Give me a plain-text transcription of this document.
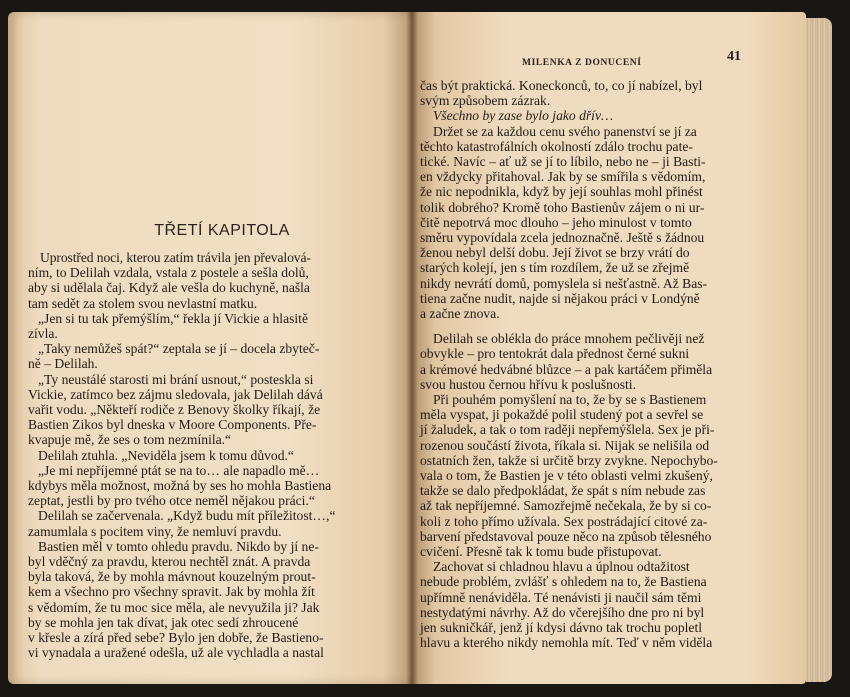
TŘETÍ KAPITOLA
Uprostřed noci, kterou zatím trávila jen převalová-
ním, to Delilah vzdala, vstala z postele a sešla dolů,
aby si udělala čaj. Když ale vešla do kuchyně, našla
tam sedět za stolem svou nevlastní matku.
„Jen si tu tak přemýšlím,“ řekla jí Vickie a hlasitě
zívla.
„Taky nemůžeš spát?“ zeptala se jí – docela zbyteč-
ně – Delilah.
„Ty neustálé starosti mi brání usnout,“ posteskla si
Vickie, zatímco bez zájmu sledovala, jak Delilah dává
vařit vodu. „Někteří rodiče z Benovy školky říkají, že
Bastien Zikos byl dneska v Moore Components. Pře-
kvapuje mě, že ses o tom nezmínila.“
Delilah ztuhla. „Neviděla jsem k tomu důvod.“
„Je mi nepříjemné ptát se na to… ale napadlo mě…
kdybys měla možnost, možná by ses ho mohla Bastiena
zeptat, jestli by pro tvého otce neměl nějakou práci.“
Delilah se začervenala. „Když budu mít příležitost…,“
zamumlala s pocitem viny, že nemluví pravdu.
Bastien měl v tomto ohledu pravdu. Nikdo by jí ne-
byl vděčný za pravdu, kterou nechtěl znát. A pravda
byla taková, že by mohla mávnout kouzelným prout-
kem a všechno pro všechny spravit. Jak by mohla žít
s vědomím, že tu moc sice měla, ale nevyužila ji? Jak
by se mohla jen tak dívat, jak otec sedí zhroucené
v křesle a zírá před sebe? Bylo jen dobře, že Bastieno-
vi vynadala a uražené odešla, už ale vychladla a nastal
MILENKA Z DONUCENÍ	41
čas být praktická. Koneckonců, to, co jí nabízel, byl
svým způsobem zázrak.
Všechno by zase bylo jako dřív…
Držet se za každou cenu svého panenství se jí za
těchto katastrofálních okolností zdálo trochu pate-
tické. Navíc – ať už se jí to líbilo, nebo ne – ji Basti-
en vždycky přitahoval. Jak by se smířila s vědomím,
že nic nepodnikla, když by její souhlas mohl přinést
tolik dobrého? Kromě toho Bastienův zájem o ni ur-
čitě nepotrvá moc dlouho – jeho minulost v tomto
směru vypovídala zcela jednoznačně. Ještě s žádnou
ženou nebyl delší dobu. Její život se brzy vrátí do
starých kolejí, jen s tím rozdílem, že už se zřejmě
nikdy nevrátí domů, pomyslela si nešťastně. Až Bas-
tiena začne nudit, najde si nějakou práci v Londýně
a začne znova.
Delilah se oblékla do práce mnohem pečlivěji než
obvykle – pro tentokrát dala přednost černé sukni
a krémové hedvábné blůzce – a pak kartáčem přiměla
svou hustou černou hřívu k poslušnosti.
Při pouhém pomyšlení na to, že by se s Bastienem
měla vyspat, ji pokaždé polil studený pot a sevřel se
jí žaludek, a tak o tom raději nepřemýšlela. Sex je při-
rozenou součástí života, říkala si. Nijak se nelišila od
ostatních žen, takže si určitě brzy zvykne. Nepochybo-
vala o tom, že Bastien je v této oblasti velmi zkušený,
takže se dalo předpokládat, že spát s ním nebude zas
až tak nepříjemné. Samozřejmě nečekala, že by si co-
koli z toho přímo užívala. Sex postrádající citové za-
barvení představoval pouze něco na způsob tělesného
cvičení. Přesně tak k tomu bude přistupovat.
Zachovat si chladnou hlavu a úplnou odtažitost
nebude problém, zvlášť s ohledem na to, že Bastiena
upřímně nenáviděla. Té nenávisti ji naučil sám těmi
nestydatými návrhy. Až do včerejšího dne pro ni byl
jen sukničkář, jenž jí kdysi dávno tak trochu popletl
hlavu a kterého nikdy nemohla mít. Teď v něm viděla
